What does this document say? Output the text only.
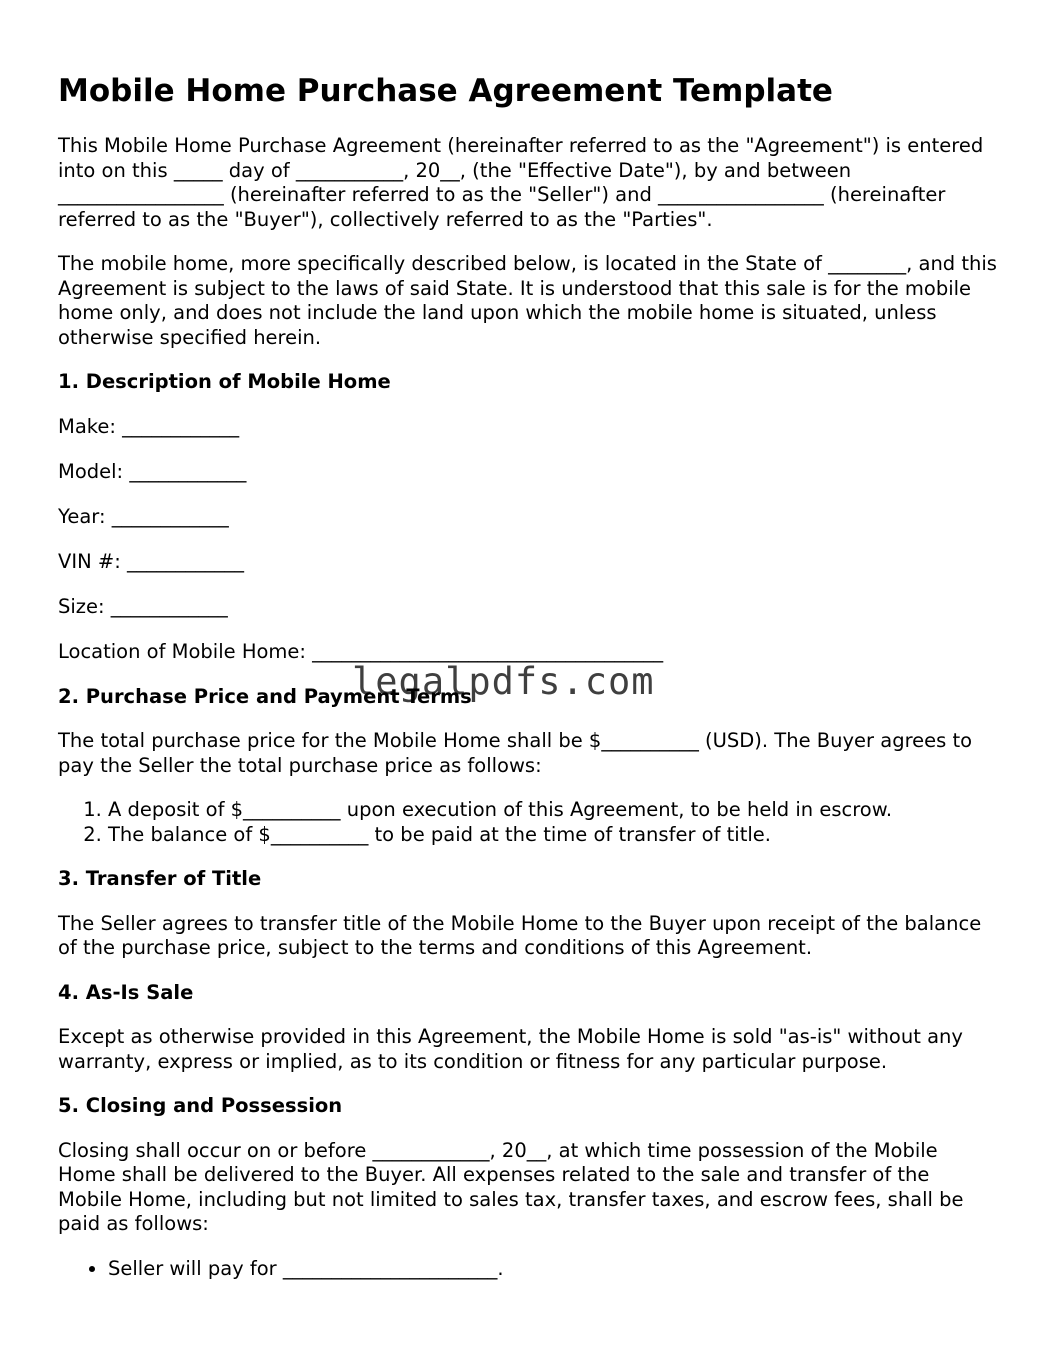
Mobile Home Purchase Agreement Template

This Mobile Home Purchase Agreement (hereinafter referred to as the "Agreement") is entered into on this _____ day of ___________, 20__, (the "Effective Date"), by and between _________________ (hereinafter referred to as the "Seller") and _________________ (hereinafter referred to as the "Buyer"), collectively referred to as the "Parties".

The mobile home, more specifically described below, is located in the State of ________, and this Agreement is subject to the laws of said State. It is understood that this sale is for the mobile home only, and does not include the land upon which the mobile home is situated, unless otherwise specified herein.

1. Description of Mobile Home
Make: ____________
Model: ____________
Year: ____________
VIN #: ____________
Size: ____________
Location of Mobile Home: ____________________________________
2. Purchase Price and Payment Terms

The total purchase price for the Mobile Home shall be $__________ (USD). The Buyer agrees to pay the Seller the total purchase price as follows:

1. A deposit of $__________ upon execution of this Agreement, to be held in escrow.
2. The balance of $__________ to be paid at the time of transfer of title.
3. Transfer of Title

The Seller agrees to transfer title of the Mobile Home to the Buyer upon receipt of the balance of the purchase price, subject to the terms and conditions of this Agreement.

4. As-Is Sale

Except as otherwise provided in this Agreement, the Mobile Home is sold "as-is" without any warranty, express or implied, as to its condition or fitness for any particular purpose.

5. Closing and Possession

Closing shall occur on or before ____________, 20__, at which time possession of the Mobile Home shall be delivered to the Buyer. All expenses related to the sale and transfer of the Mobile Home, including but not limited to sales tax, transfer taxes, and escrow fees, shall be paid as follows:

• Seller will pay for ______________________.
legalpdfs.com
